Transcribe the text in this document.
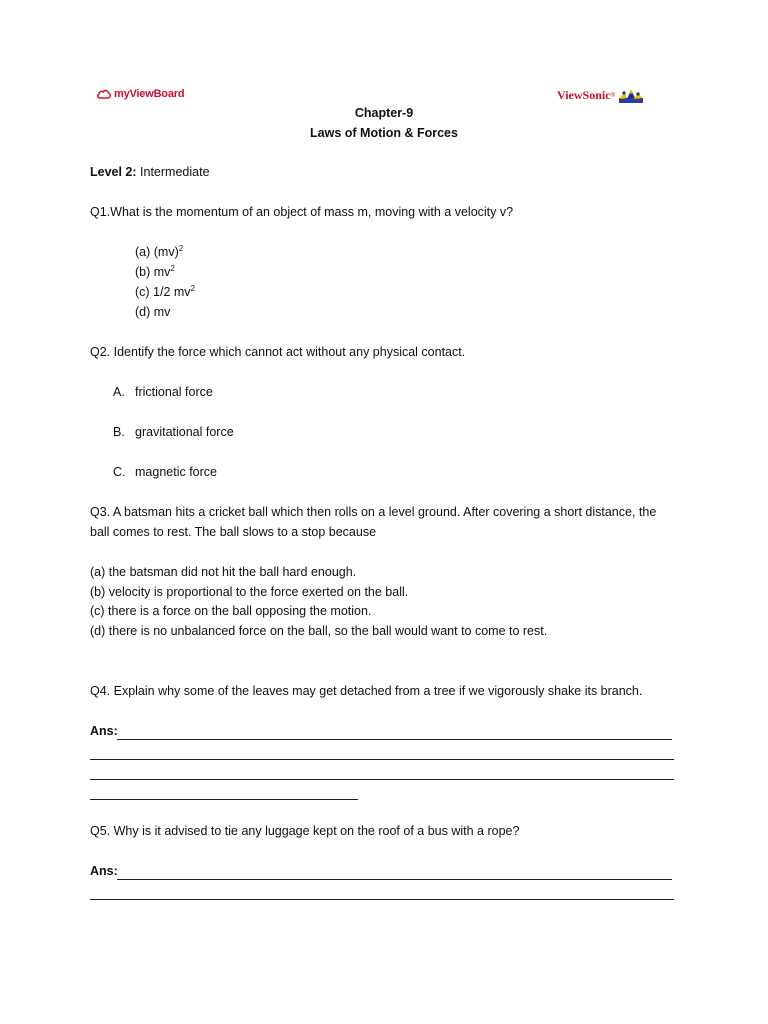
myViewBoard	ViewSonic ®
Chapter-9
Laws of Motion & Forces
Level 2: Intermediate
Q1.What is the momentum of an object of mass m, moving with a velocity v?
(a) (mv)$^2$
(b) $mv^2$
(c) 1/2 $mv^2$
(d) mv
Q2. Identify the force which cannot act without any physical contact.
A. frictional force
B. gravitational force
C. magnetic force
Q3. A batsman hits a cricket ball which then rolls on a level ground. After covering a short distance, the
ball comes to rest. The ball slows to a stop because
(a) the batsman did not hit the ball hard enough.
(b) velocity is proportional to the force exerted on the ball.
(c) there is a force on the ball opposing the motion.
(d) there is no unbalanced force on the ball, so the ball would want to come to rest.
Q4. Explain why some of the leaves may get detached from a tree if we vigorously shake its branch.
Ans:
Q5. Why is it advised to tie any luggage kept on the roof of a bus with a rope?
Ans:
